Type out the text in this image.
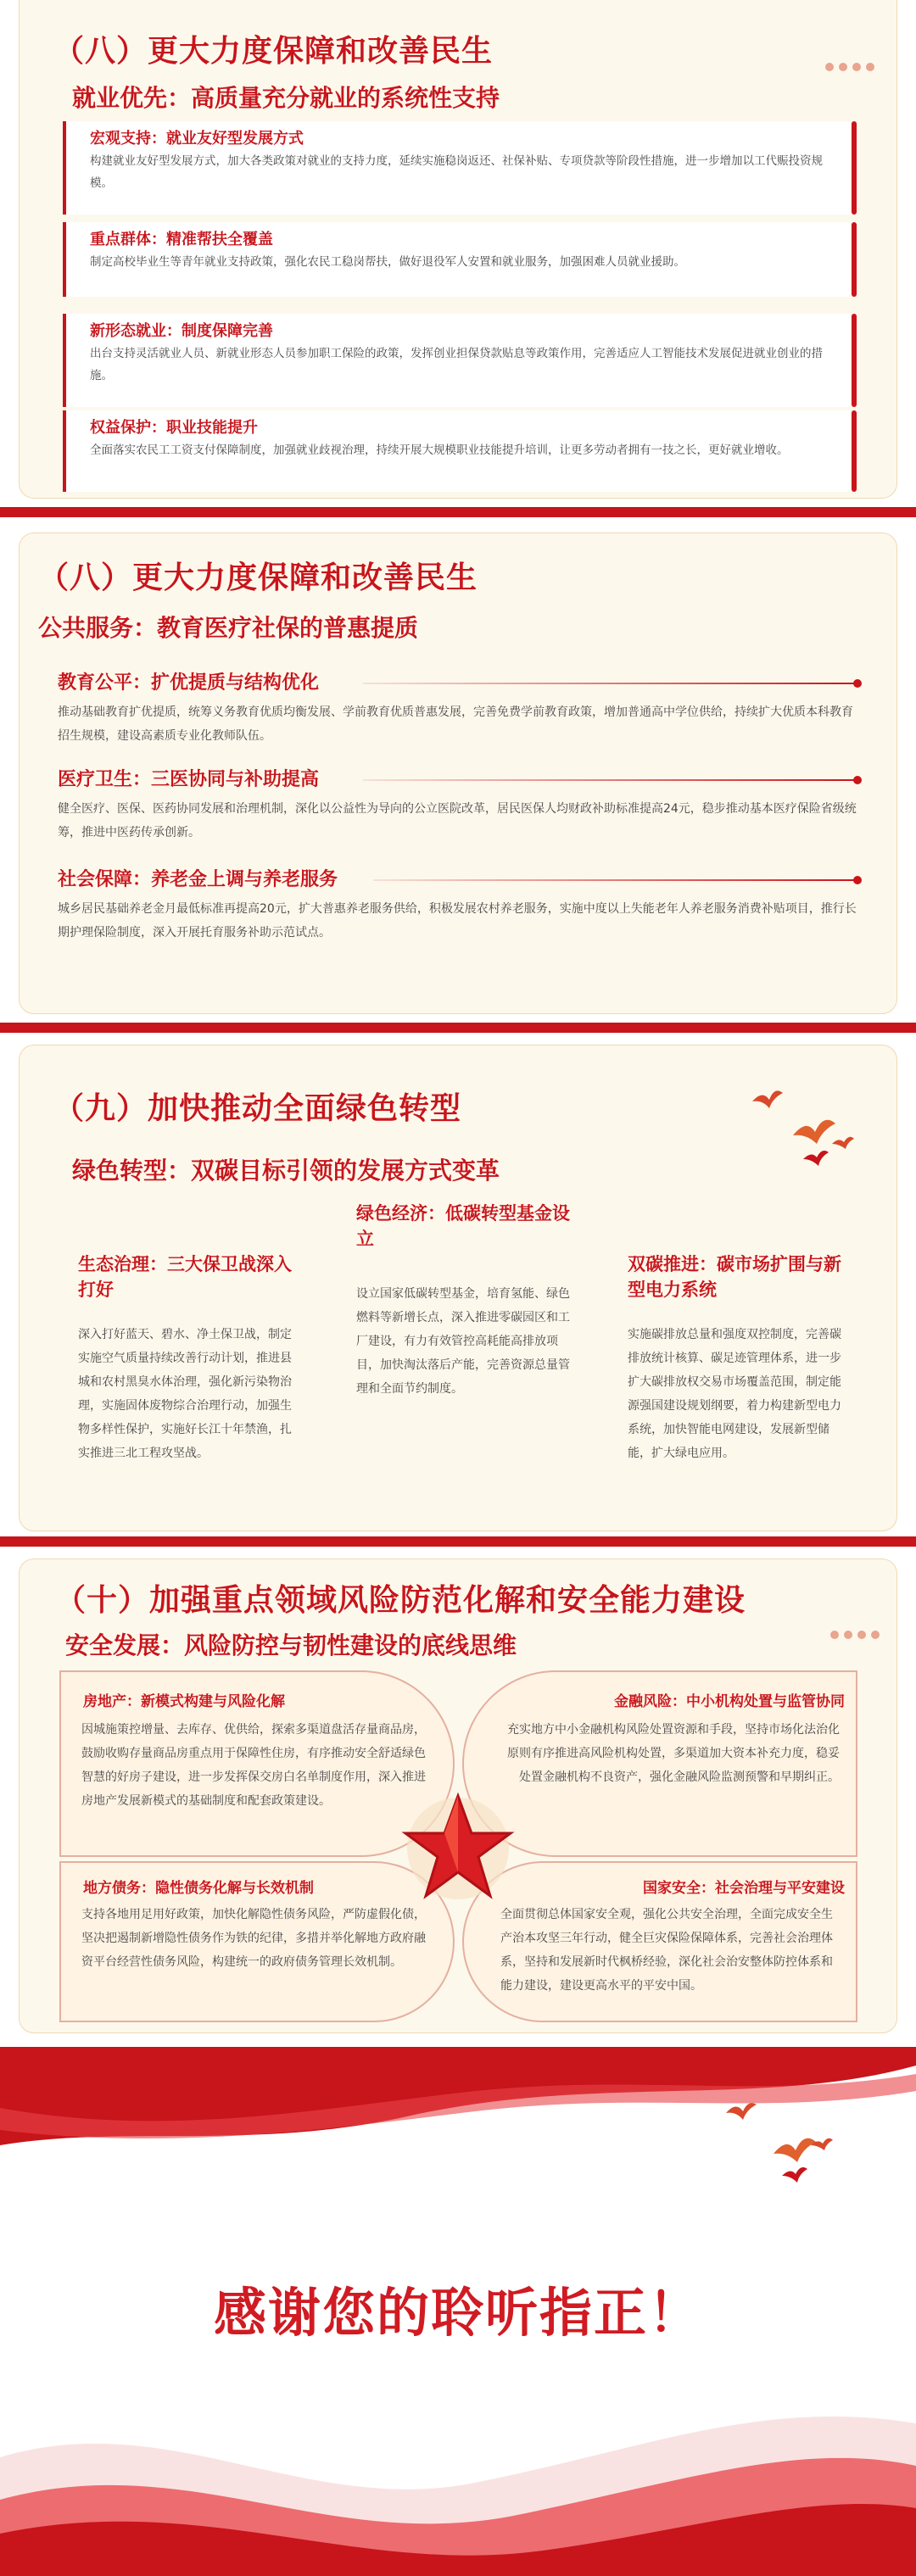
（八）更大力度保障和改善民生
就业优先：高质量充分就业的系统性支持
宏观支持：就业友好型发展方式
构建就业友好型发展方式，加大各类政策对就业的支持力度，延续实施稳岗返还、社保补贴、专项贷款等阶段性措施，进一步增加以工代赈投资规模。
重点群体：精准帮扶全覆盖
制定高校毕业生等青年就业支持政策，强化农民工稳岗帮扶，做好退役军人安置和就业服务，加强困难人员就业援助。
新形态就业：制度保障完善
出台支持灵活就业人员、新就业形态人员参加职工保险的政策，发挥创业担保贷款贴息等政策作用，完善适应人工智能技术发展促进就业创业的措施。
权益保护：职业技能提升
全面落实农民工工资支付保障制度，加强就业歧视治理，持续开展大规模职业技能提升培训，让更多劳动者拥有一技之长，更好就业增收。
（八）更大力度保障和改善民生
公共服务：教育医疗社保的普惠提质
教育公平：扩优提质与结构优化
推动基础教育扩优提质，统筹义务教育优质均衡发展、学前教育优质普惠发展，完善免费学前教育政策，增加普通高中学位供给，持续扩大优质本科教育招生规模，建设高素质专业化教师队伍。
医疗卫生：三医协同与补助提高
健全医疗、医保、医药协同发展和治理机制，深化以公益性为导向的公立医院改革，居民医保人均财政补助标准提高24元，稳步推动基本医疗保险省级统筹，推进中医药传承创新。
社会保障：养老金上调与养老服务
城乡居民基础养老金月最低标准再提高20元，扩大普惠养老服务供给，积极发展农村养老服务，实施中度以上失能老年人养老服务消费补贴项目，推行长期护理保险制度，深入开展托育服务补助示范试点。
（九）加快推动全面绿色转型
绿色转型：双碳目标引领的发展方式变革
生态治理：三大保卫战深入打好
深入打好蓝天、碧水、净土保卫战，制定实施空气质量持续改善行动计划，推进县城和农村黑臭水体治理，强化新污染物治理，实施固体废物综合治理行动，加强生物多样性保护，实施好长江十年禁渔，扎实推进三北工程攻坚战。
绿色经济：低碳转型基金设立
设立国家低碳转型基金，培育氢能、绿色燃料等新增长点，深入推进零碳园区和工厂建设，有力有效管控高耗能高排放项目，加快淘汰落后产能，完善资源总量管理和全面节约制度。
双碳推进：碳市场扩围与新型电力系统
实施碳排放总量和强度双控制度，完善碳排放统计核算、碳足迹管理体系，进一步扩大碳排放权交易市场覆盖范围，制定能源强国建设规划纲要，着力构建新型电力系统，加快智能电网建设，发展新型储能，扩大绿电应用。
（十）加强重点领域风险防范化解和安全能力建设
安全发展：风险防控与韧性建设的底线思维
房地产：新模式构建与风险化解
因城施策控增量、去库存、优供给，探索多渠道盘活存量商品房，鼓励收购存量商品房重点用于保障性住房，有序推动安全舒适绿色智慧的好房子建设，进一步发挥保交房白名单制度作用，深入推进房地产发展新模式的基础制度和配套政策建设。
金融风险：中小机构处置与监管协同
充实地方中小金融机构风险处置资源和手段，坚持市场化法治化原则有序推进高风险机构处置，多渠道加大资本补充力度，稳妥处置金融机构不良资产，强化金融风险监测预警和早期纠正。
地方债务：隐性债务化解与长效机制
支持各地用足用好政策，加快化解隐性债务风险，严防虚假化债，坚决把遏制新增隐性债务作为铁的纪律，多措并举化解地方政府融资平台经营性债务风险，构建统一的政府债务管理长效机制。
国家安全：社会治理与平安建设
全面贯彻总体国家安全观，强化公共安全治理，全面完成安全生产治本攻坚三年行动，健全巨灾保险保障体系，完善社会治理体系，坚持和发展新时代枫桥经验，深化社会治安整体防控体系和能力建设，建设更高水平的平安中国。
感谢您的聆听指正！
